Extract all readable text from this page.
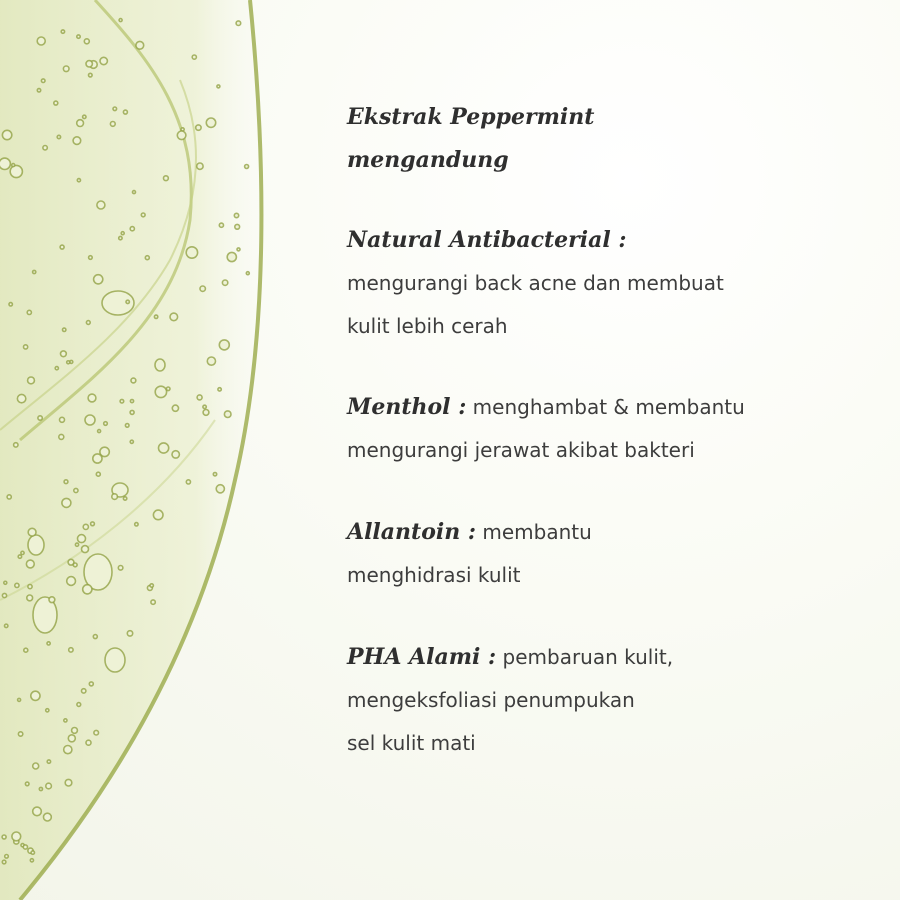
Ekstrak Peppermint
mengandung
Natural Antibacterial :
mengurangi back acne dan membuat
kulit lebih cerah
Menthol : menghambat & membantu
mengurangi jerawat akibat bakteri
Allantoin : membantu
menghidrasi kulit
PHA Alami : pembaruan kulit,
mengeksfoliasi penumpukan
sel kulit mati
